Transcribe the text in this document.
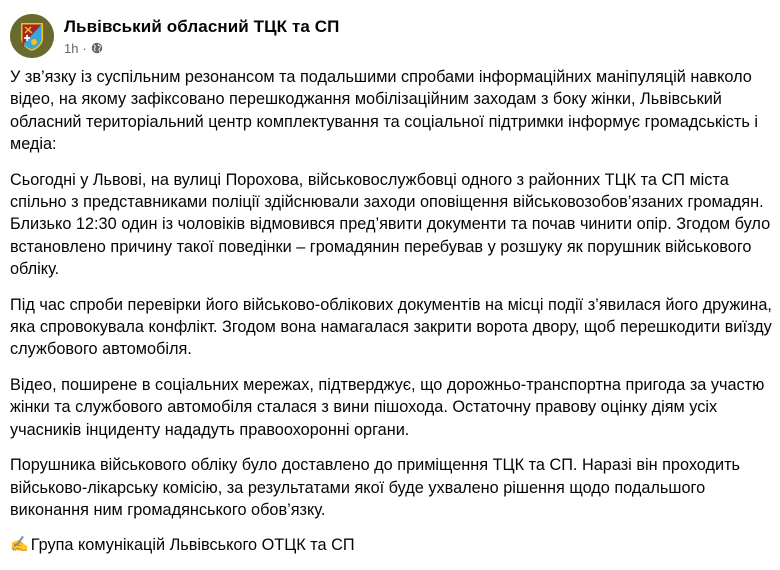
Львівський обласний ТЦК та СП
1h ·

У зв’язку із суспільним резонансом та подальшими спробами інформаційних маніпуляцій навколо відео, на якому зафіксовано перешкоджання мобілізаційним заходам з боку жінки, Львівський обласний територіальний центр комплектування та соціальної підтримки інформує громадськість і медіа:

Сьогодні у Львові, на вулиці Порохова, військовослужбовці одного з районних ТЦК та СП міста спільно з представниками поліції здійснювали заходи оповіщення військовозобов’язаних громадян. Близько 12:30 один із чоловіків відмовився пред’явити документи та почав чинити опір. Згодом було встановлено причину такої поведінки – громадянин перебував у розшуку як порушник військового обліку.

Під час спроби перевірки його військово-облікових документів на місці події з’явилася його дружина, яка спровокувала конфлікт. Згодом вона намагалася закрити ворота двору, щоб перешкодити виїзду службового автомобіля.

Відео, поширене в соціальних мережах, підтверджує, що дорожньо-транспортна пригода за участю жінки та службового автомобіля сталася з вини пішохода. Остаточну правову оцінку діям усіх учасників інциденту нададуть правоохоронні органи.

Порушника військового обліку було доставлено до приміщення ТЦК та СП. Наразі він проходить військово-лікарську комісію, за результатами якої буде ухвалено рішення щодо подальшого виконання ним громадянського обов’язку.

✍️ Група комунікацій Львівського ОТЦК та СП
